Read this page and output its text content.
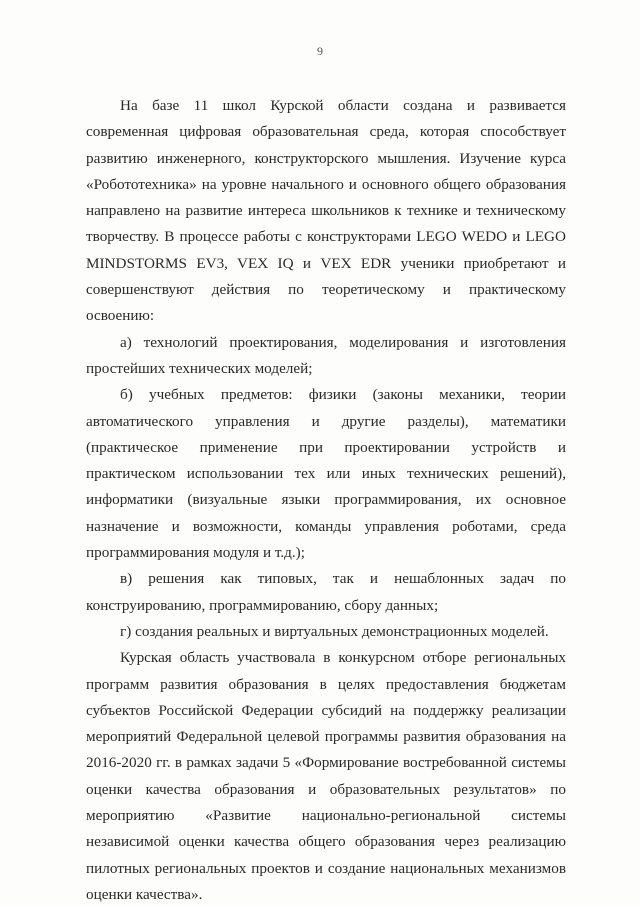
9

На базе 11 школ Курской области создана и развивается современная цифровая образовательная среда, которая способствует развитию инженерного, конструкторского мышления. Изучение курса «Робототехника» на уровне начального и основного общего образования направлено на развитие интереса школьников к технике и техническому творчеству. В процессе работы с конструкторами LEGO WEDO и LEGO MINDSTORMS EV3, VEX IQ и VEX EDR ученики приобретают и совершенствуют действия по теоретическому и практическому освоению:

а) технологий проектирования, моделирования и изготовления простейших технических моделей;

б) учебных предметов: физики (законы механики, теории автоматического управления и другие разделы), математики (практическое применение при проектировании устройств и практическом использовании тех или иных технических решений), информатики (визуальные языки программирования, их основное назначение и возможности, команды управления роботами, среда программирования модуля и т.д.);

в) решения как типовых, так и нешаблонных задач по конструированию, программированию, сбору данных;

г) создания реальных и виртуальных демонстрационных моделей.

Курская область участвовала в конкурсном отборе региональных программ развития образования в целях предоставления бюджетам субъектов Российской Федерации субсидий на поддержку реализации мероприятий Федеральной целевой программы развития образования на 2016-2020 гг. в рамках задачи 5 «Формирование востребованной системы оценки качества образования и образовательных результатов» по мероприятию «Развитие национально-региональной системы независимой оценки качества общего образования через реализацию пилотных региональных проектов и создание национальных механизмов оценки качества».
